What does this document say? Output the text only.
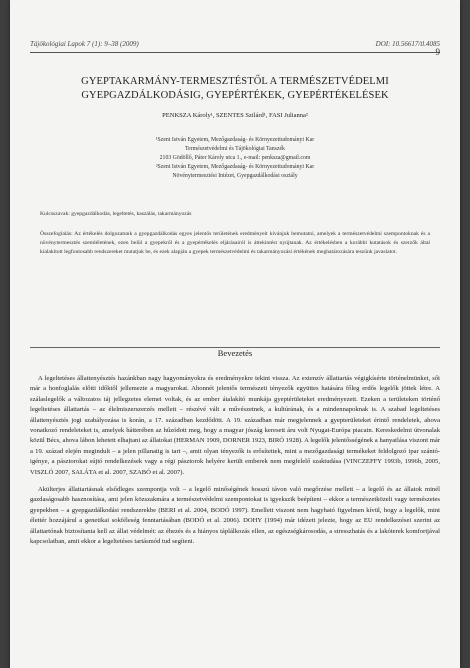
Tájökológiai Lapok 7 (1): 9–38 (2009)	DOI: 10.56617/tl.4085
9
GYEPTAKARMÁNY-TERMESZTÉSTŐL A TERMÉSZETVÉDELMI
GYEPGAZDÁLKODÁSIG, GYEPÉRTÉKEK, GYEPÉRTÉKELÉSEK
PENKSZA Károly¹, SZENTES Szilárd¹, FASI Julianna²
¹Szent István Egyetem, Mezőgazdaság- és Környezettudományi Kar
Természetvédelmi és Tájökológiai Tanszék
2103 Gödöllő, Páter Károly utca 1., e-mail: penksza@gmail.com
²Szent István Egyetem, Mezőgazdaság- és Környezettudományi Kar
Növénytermesztési Intézet, Gyepgazdálkodási osztály
Kulcsszavak: gyepgazdálkodás, legeltetés, kaszálás, takarmányozás
Összefoglalás: Az értékelés dolgozatunk a gyepgazdálkodás egyes jelentős területének eredményeit kívánjuk bemutatni, amelyek a természetvédelmi szempontoknak és a növénytermesztés szemléletének, ezen belül a gyepekről és a gyepértékelés eljárásairól is áttekintést nyújtanak. Az értékelésben a korábbi kutatások és szerzők által kialakított legfontosabb rendszereket mutatjuk be, és ezek alapján a gyepek természetvédelmi és takarmányozási értékének meghatározására teszünk javaslatot.
Bevezetés

A legeltetéses állattenyésztés hazánkban nagy hagyományokra és eredményekre tekint vissza. Az extenzív állattartás végigkísérte történelmünket, sőt már a honfoglalás előtti időktől jellemezte a magyarokat. Ahonnét jelentős természeti tényezők együttes hatására főleg erdős legelők jöttek létre. A szálaslegelők a változatos táj jellegzetes elemei voltak, és az ember átalakító munkája gyeptérületeket eredményezett. Ezeken a területeken történő legeltetéses állattartás – az élelmiszerszerzés mellett – részévé vált a művészetnek, a kultúrának, és a mindennapoknak is. A szabad legeltetéses állattenyésztés jogi szabályozása is korán, a 17. században kezdődött. A 19. században már megjelennek a gyepterületeket érintő rendeletek, ahova vonatkozó rendeleteket is, amelyek hátterében az hűzódott meg, hogy a magyar jószág keresett áru volt Nyugat-Európa piacain. Kereskedelmi útvonalak közül Bécs, ahova lábon lehetett elhajtani az állatokat (HERMAN 1909, DORNER 1923, BIRÓ 1928). A legelők jelentősségének a hanyatlása viszont már a 19. század elején megindult – a jelen pillanatig is tart –, amit olyan tényezők is erősítettek, mint a mezőgazdasági termékeket feldolgozó ipar szántó-igénye, a pásztorokat sújtó rendelkezések vagy a régi pásztorok helyére került emberek nem megfelelő szaktudása (VINCZEFFY 1993b, 1996b, 2005, VISZLÓ 2007, SALÁTA et al. 2007, SZABÓ et al. 2007).

Akülterjes állattartásnak elsődleges szempontja volt – a legelő minőségének hosszú távon való megőrzése mellett – a legelő és az állatok minél gazdaságosabb hasznosítása, ami jelen közszakmára a természetvédelmi szempontokat is igyekszik beépíteni – ekkor a természetközeli vagy természetes gyepekben – a gyepgazdálkodási rendszerekbe (BERI et al. 2004, BODÓ 1997). Emellett viszont nem hagyható figyelmen kívül, hogy a legelők, mint élettér hozzájárul a genetikai sokféleség fenntartásában (BODÓ et al. 2006). DOHY (1994) már idézett jelezte, hogy az EU rendelkezései szerint az állattartónak biztosítania kell az állat védelmét: az éhezés és a hiányos táplálkozás ellen, az egészségkárosodás, a stresszhatás és a lakóterek komfortjával kapcsolatban, amit ekkor a legeltetéses tartásmód tud segíteni.
